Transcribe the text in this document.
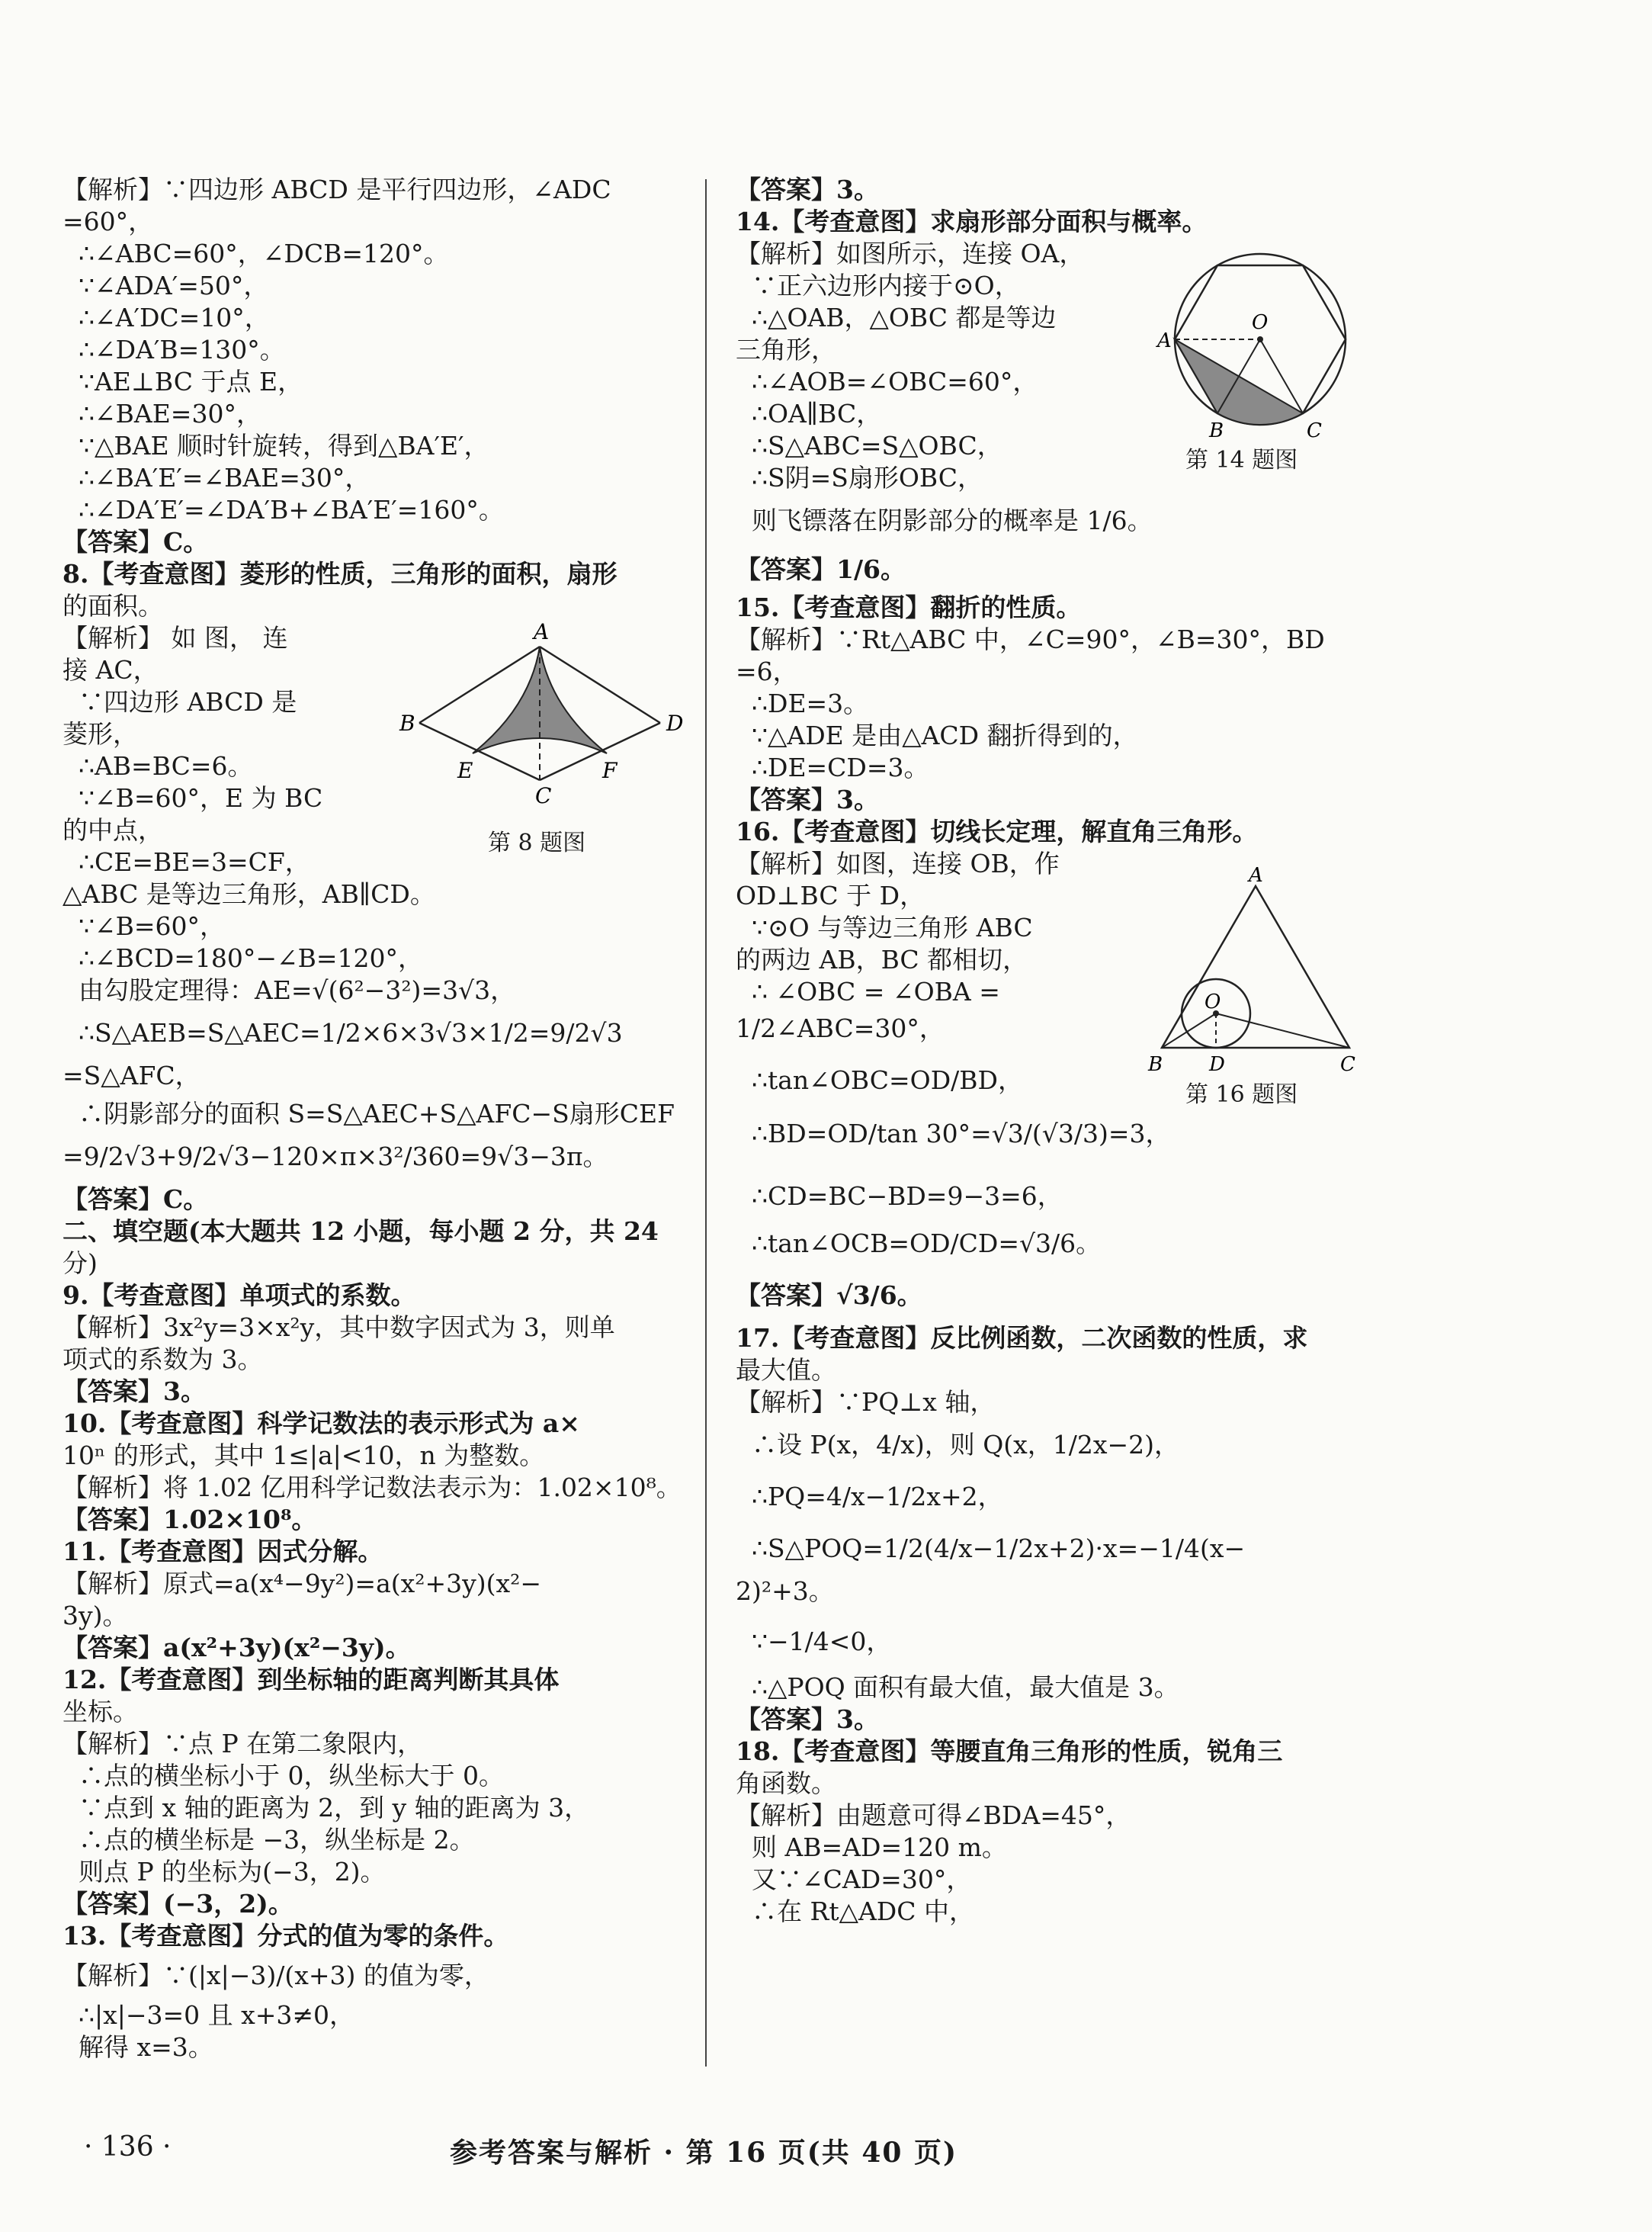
【解析】∵四边形 ABCD 是平行四边形，∠ADC

=60°，

∴∠ABC=60°，∠DCB=120°。

∵∠ADA′=50°，

∴∠A′DC=10°，

∴∠DA′B=130°。

∵AE⊥BC 于点 E，

∴∠BAE=30°，

∵△BAE 顺时针旋转，得到△BA′E′，

∴∠BA′E′=∠BAE=30°，

∴∠DA′E′=∠DA′B+∠BA′E′=160°。

【答案】C。

8.【考查意图】菱形的性质，三角形的面积，扇形

的面积。

【解析】 如 图， 连

接 AC，

∵四边形 ABCD 是

菱形，

∴AB=BC=6。

∵∠B=60°，E 为 BC

的中点，

∴CE=BE=3=CF，

△ABC 是等边三角形，AB∥CD。

∵∠B=60°，

∴∠BCD=180°−∠B=120°，

由勾股定理得：AE=√(6²−3²)=3√3，

∴S△AEB=S△AEC=1/2×6×3√3×1/2=9/2√3

=S△AFC，

∴阴影部分的面积 S=S△AEC+S△AFC−S扇形CEF

=9/2√3+9/2√3−120×π×3²/360=9√3−3π。

【答案】C。

二、填空题(本大题共 12 小题，每小题 2 分，共 24

分)

9.【考查意图】单项式的系数。

【解析】3x²y=3×x²y，其中数字因式为 3，则单

项式的系数为 3。

【答案】3。

10.【考查意图】科学记数法的表示形式为 a×

10ⁿ 的形式，其中 1≤|a|<10，n 为整数。

【解析】将 1.02 亿用科学记数法表示为：1.02×10⁸。

【答案】1.02×10⁸。

11.【考查意图】因式分解。

【解析】原式=a(x⁴−9y²)=a(x²+3y)(x²−

3y)。

【答案】a(x²+3y)(x²−3y)。

12.【考查意图】到坐标轴的距离判断其具体

坐标。

【解析】∵点 P 在第二象限内，

∴点的横坐标小于 0，纵坐标大于 0。

∵点到 x 轴的距离为 2，到 y 轴的距离为 3，

∴点的横坐标是 −3，纵坐标是 2。

则点 P 的坐标为(−3，2)。

【答案】(−3，2)。

13.【考查意图】分式的值为零的条件。

【解析】∵(|x|−3)/(x+3) 的值为零，

∴|x|−3=0 且 x+3≠0，

解得 x=3。

A
B
C
D
E	F
第 8 题图

【答案】3。

14.【考查意图】求扇形部分面积与概率。

【解析】如图所示，连接 OA，

∵正六边形内接于⊙O，

∴△OAB，△OBC 都是等边

三角形，

∴∠AOB=∠OBC=60°，

∴OA∥BC，

∴S△ABC=S△OBC，

∴S阴=S扇形OBC，

则飞镖落在阴影部分的概率是 1/6。

【答案】1/6。

15.【考查意图】翻折的性质。

【解析】∵Rt△ABC 中，∠C=90°，∠B=30°，BD

=6，

∴DE=3。

∵△ADE 是由△ACD 翻折得到的，

∴DE=CD=3。

【答案】3。

16.【考查意图】切线长定理，解直角三角形。

【解析】如图，连接 OB，作

OD⊥BC 于 D，

∵⊙O 与等边三角形 ABC

的两边 AB，BC 都相切，

∴ ∠OBC = ∠OBA =

1/2∠ABC=30°，

∴tan∠OBC=OD/BD，

∴BD=OD/tan 30°=√3/(√3/3)=3，

∴CD=BC−BD=9−3=6，

∴tan∠OCB=OD/CD=√3/6。

【答案】√3/6。

17.【考查意图】反比例函数，二次函数的性质，求

最大值。

【解析】∵PQ⊥x 轴，

∴设 P(x，4/x)，则 Q(x，1/2x−2)，

∴PQ=4/x−1/2x+2，

∴S△POQ=1/2(4/x−1/2x+2)·x=−1/4(x−

2)²+3。

∵−1/4<0，

∴△POQ 面积有最大值，最大值是 3。

【答案】3。

18.【考查意图】等腰直角三角形的性质，锐角三

角函数。

【解析】由题意可得∠BDA=45°，

则 AB=AD=120 m。

又∵∠CAD=30°，

∴在 Rt△ADC 中，

O
A
B	C
第 14 题图
A
B	C
D
O
第 16 题图
· 136 ·	参考答案与解析 · 第 16 页(共 40 页)
